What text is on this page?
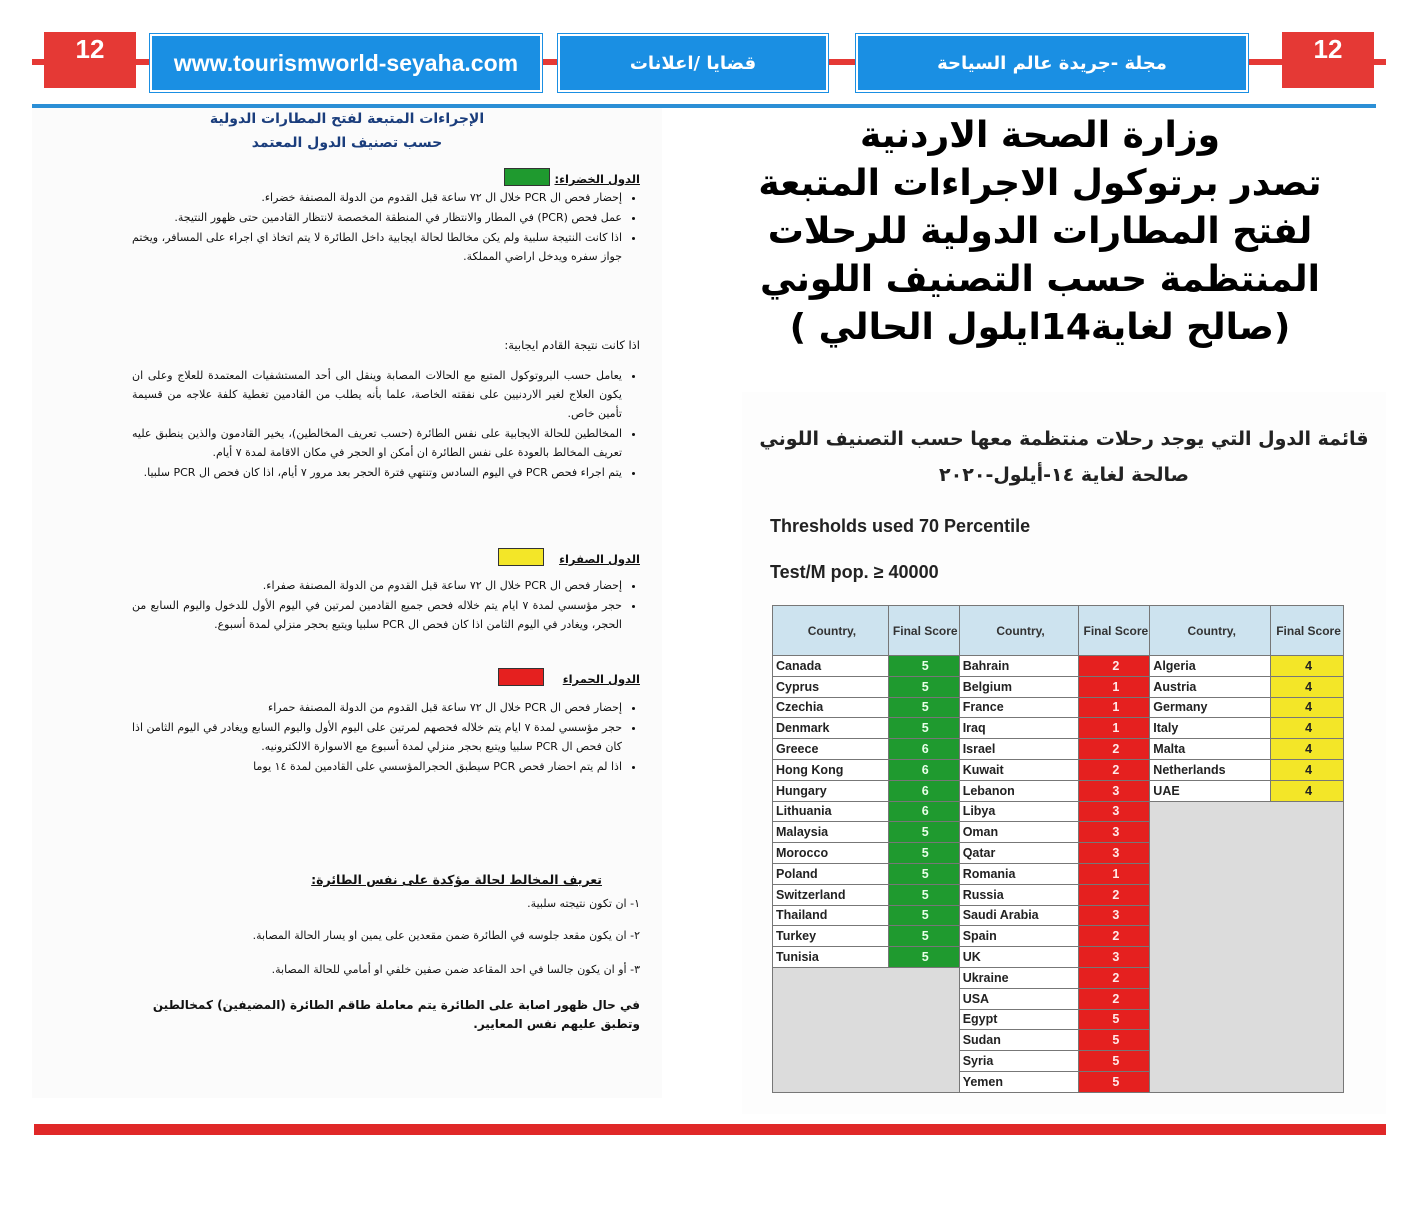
12	12
www.tourismworld-seyaha.com	قضايا /اعلانات	مجلة -جريدة عالم السياحة
الإجراءات المتبعة لفتح المطارات الدولية
حسب تصنيف الدول المعتمد
الدول الخضراء:
• إحضار فحص ال PCR خلال ال ٧٢ ساعة قبل القدوم من الدولة المصنفة خضراء.
• عمل فحص (PCR) في المطار والانتظار في المنطقة المخصصة لانتظار القادمين حتى ظهور النتيجة.
• اذا كانت النتيجة سلبية ولم يكن مخالطا لحالة ايجابية داخل الطائرة لا يتم اتخاذ اي اجراء على المسافر، ويختم جواز سفره ويدخل اراضي المملكة.
اذا كانت نتيجة القادم ايجابية:
• يعامل حسب البروتوكول المتبع مع الحالات المصابة وينقل الى أحد المستشفيات المعتمدة للعلاج وعلى ان يكون العلاج لغير الاردنيين على نفقته الخاصة، علما بأنه يطلب من القادمين تغطية كلفة علاجه من قسيمة تأمين خاص.
• المخالطين للحالة الايجابية على نفس الطائرة (حسب تعريف المخالطين)، يخير القادمون والذين ينطبق عليه تعريف المخالط بالعودة على نفس الطائرة ان أمكن او الحجر في مكان الاقامة لمدة ٧ أيام.
• يتم اجراء فحص PCR في اليوم السادس وتنتهي فترة الحجر بعد مرور ٧ أيام، اذا كان فحص ال PCR سلبيا.
الدول الصفراء
• إحضار فحص ال PCR خلال ال ٧٢ ساعة قبل القدوم من الدولة المصنفة صفراء.
• حجر مؤسسي لمدة ٧ ايام يتم خلاله فحص جميع القادمين لمرتين في اليوم الأول للدخول واليوم السابع من الحجر، ويغادر في اليوم الثامن اذا كان فحص ال PCR سلبيا ويتبع بحجر منزلي لمدة أسبوع.
الدول الحمراء
• إحضار فحص ال PCR خلال ال ٧٢ ساعة قبل القدوم من الدولة المصنفة حمراء
• حجر مؤسسي لمدة ٧ ايام يتم خلاله فحصهم لمرتين على اليوم الأول واليوم السابع ويغادر في اليوم الثامن اذا كان فحص ال PCR سلبيا ويتبع بحجر منزلي لمدة أسبوع مع الاسوارة الالكترونيه.
• اذا لم يتم احضار فحص PCR سيطبق الحجرالمؤسسي على القادمين لمدة ١٤ يوما
تعريف المخالط لحالة مؤكدة على نفس الطائرة:

١- ان تكون نتيجته سلبية.

٢- ان يكون مقعد جلوسه في الطائرة ضمن مقعدين على يمين او يسار الحالة المصابة.

٣- أو ان يكون جالسا في احد المقاعد ضمن صفين خلفي او أمامي للحالة المصابة.

في حال ظهور اصابة على الطائرة يتم معاملة طاقم الطائرة (المضيفين) كمخالطين وتطبق عليهم نفس المعايير.

وزارة الصحة الاردنية
تصدر برتوكول الاجراءات المتبعة
لفتح المطارات الدولية للرحلات
المنتظمة حسب التصنيف اللوني
(صالح لغاية14ايلول الحالي )
قائمة الدول التي يوجد رحلات منتظمة معها حسب التصنيف اللوني
صالحة لغاية ١٤-أيلول-٢٠٢٠
Thresholds used 70 Percentile
Test/M pop. ≥ 40000
Country,	Final Score	Country,	Final Score	Country,	Final Score
Canada	5	Bahrain	2	Algeria	4
Cyprus	5	Belgium	1	Austria	4
Czechia	5	France	1	Germany	4
Denmark	5	Iraq	1	Italy	4
Greece	6	Israel	2	Malta	4
Hong Kong	6	Kuwait	2	Netherlands	4
Hungary	6	Lebanon	3	UAE	4
Lithuania	6	Libya	3		
Malaysia	5	Oman	3		
Morocco	5	Qatar	3		
Poland	5	Romania	1		
Switzerland	5	Russia	2		
Thailand	5	Saudi Arabia	3		
Turkey	5	Spain	2		
Tunisia	5	UK	3		
		Ukraine	2		
		USA	2		
		Egypt	5		
		Sudan	5		
		Syria	5		
		Yemen	5		
